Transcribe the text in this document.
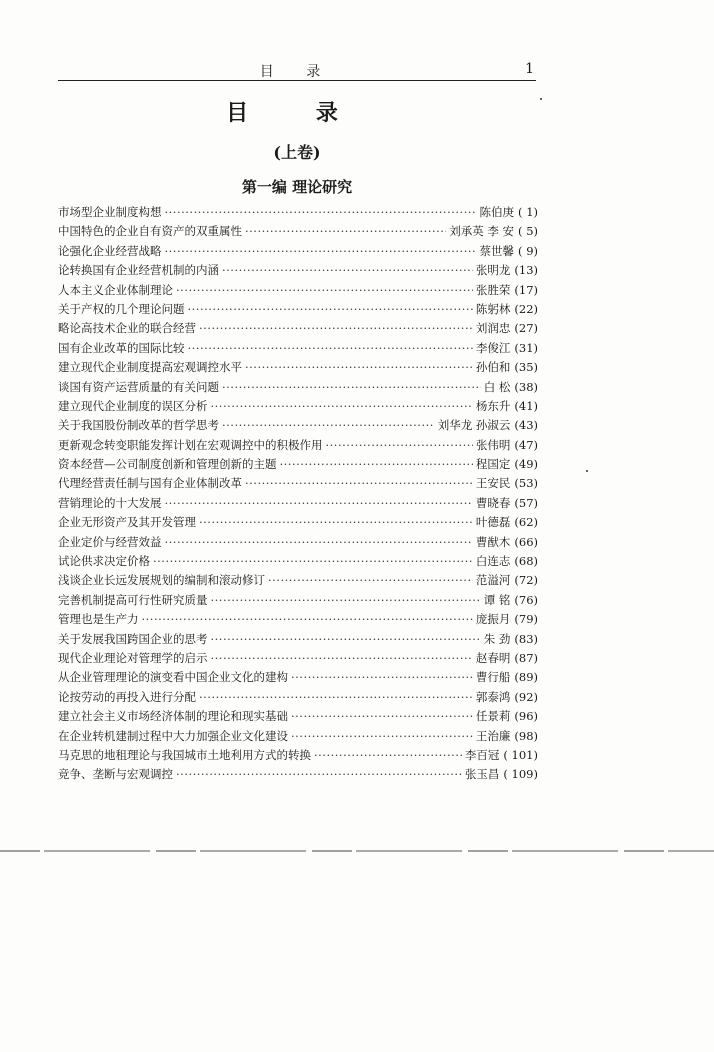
目 录	1
目 录
(上卷)
第一编 理论研究
市场型企业制度构想 ·····	陈伯庚 ( 1)
中国特色的企业自有资产的双重属性 ·····	刘承英 李 安 ( 5)
论强化企业经营战略 ·····	蔡世馨 ( 9)
论转换国有企业经营机制的内涵 ·····	张明龙 (13)
人本主义企业体制理论 ·····	张胜荣 (17)
关于产权的几个理论问题 ·····	陈躬林 (22)
略论高技术企业的联合经营 ·····	刘润忠 (27)
国有企业改革的国际比较 ·····	李俊江 (31)
建立现代企业制度提高宏观调控水平 ·····	孙伯和 (35)
谈国有资产运营质量的有关问题 ·····	白 松 (38)
建立现代企业制度的误区分析 ·····	杨东升 (41)
关于我国股份制改革的哲学思考 ·····	刘华龙 孙淑云 (43)
更新观念转变职能发挥计划在宏观调控中的积极作用 ·····	张伟明 (47)
资本经营—公司制度创新和管理创新的主题 ·····	程国定 (49)
代理经营责任制与国有企业体制改革 ·····	王安民 (53)
营销理论的十大发展 ·····	曹晓春 (57)
企业无形资产及其开发管理 ·····	叶德磊 (62)
企业定价与经营效益 ·····	曹猷木 (66)
试论供求决定价格 ·····	白连志 (68)
浅谈企业长远发展规划的编制和滚动修订 ·····	范溢河 (72)
完善机制提高可行性研究质量 ·····	谭 铭 (76)
管理也是生产力 ·····	庞振月 (79)
关于发展我国跨国企业的思考 ·····	朱 劲 (83)
现代企业理论对管理学的启示 ·····	赵春明 (87)
从企业管理理论的演变看中国企业文化的建构 ·····	曹行船 (89)
论按劳动的再投入进行分配 ·····	郭泰鸿 (92)
建立社会主义市场经济体制的理论和现实基础 ·····	任景莉 (96)
在企业转机建制过程中大力加强企业文化建设 ·····	王治廉 (98)
马克思的地租理论与我国城市土地利用方式的转换 ·····	李百冠 ( 101)
竞争、垄断与宏观调控 ·····	张玉昌 ( 109)
